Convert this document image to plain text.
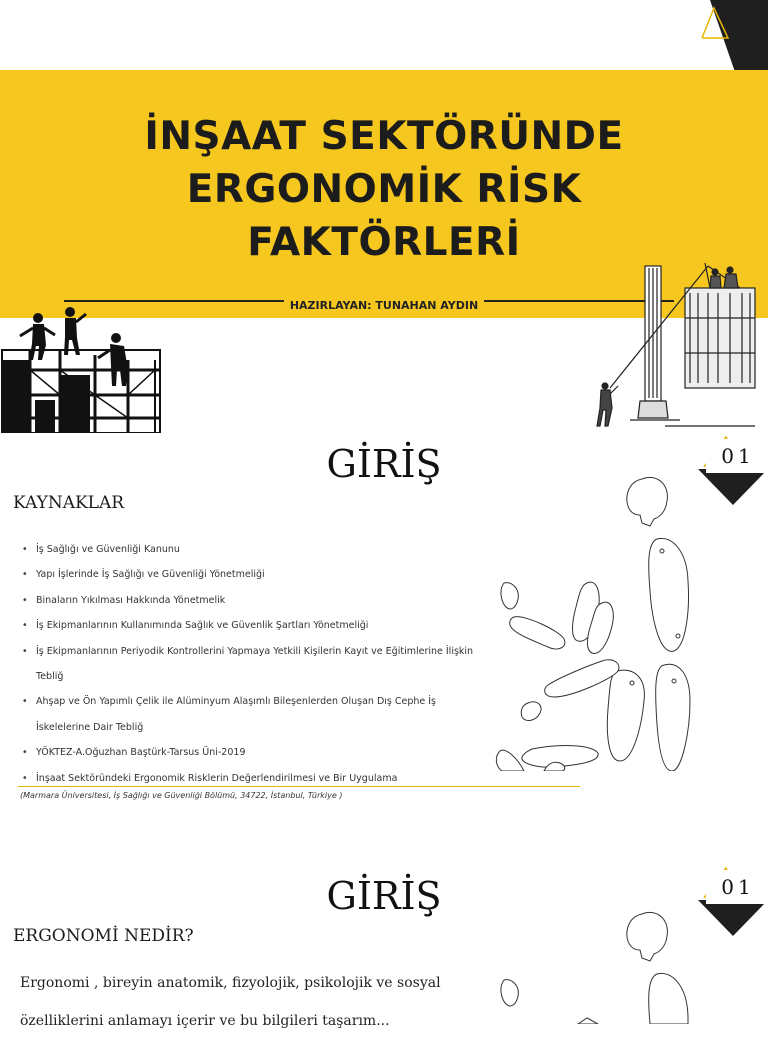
İNŞAAT SEKTÖRÜNDE
ERGONOMİK RİSK
FAKTÖRLERİ
HAZIRLAYAN: TUNAHAN AYDIN
GİRİŞ	01
KAYNAKLAR
• İş Sağlığı ve Güvenliği Kanunu
• Yapı İşlerinde İş Sağlığı ve Güvenliği Yönetmeliği
• Binaların Yıkılması Hakkında Yönetmelik
• İş Ekipmanlarının Kullanımında Sağlık ve Güvenlik Şartları Yönetmeliği
• İş Ekipmanlarının Periyodik Kontrollerini Yapmaya Yetkili Kişilerin Kayıt ve Eğitimlerine İlişkin Tebliğ
• Ahşap ve Ön Yapımlı Çelik ile Alüminyum Alaşımlı Bileşenlerden Oluşan Dış Cephe İş İskelelerine Dair Tebliğ
• YÖKTEZ-A.Oğuzhan Baştürk-Tarsus Üni-2019
• İnşaat Sektöründeki Ergonomik Risklerin Değerlendirilmesi ve Bir Uygulama
(Marmara Üniversitesi, İş Sağlığı ve Güvenliği Bölümü, 34722, İstanbul, Türkiye )
GİRİŞ	01
ERGONOMİ NEDİR?
Ergonomi , bireyin anatomik, fizyolojik, psikolojik ve sosyal
özelliklerini anlamayı içerir ve bu bilgileri taşarım...
